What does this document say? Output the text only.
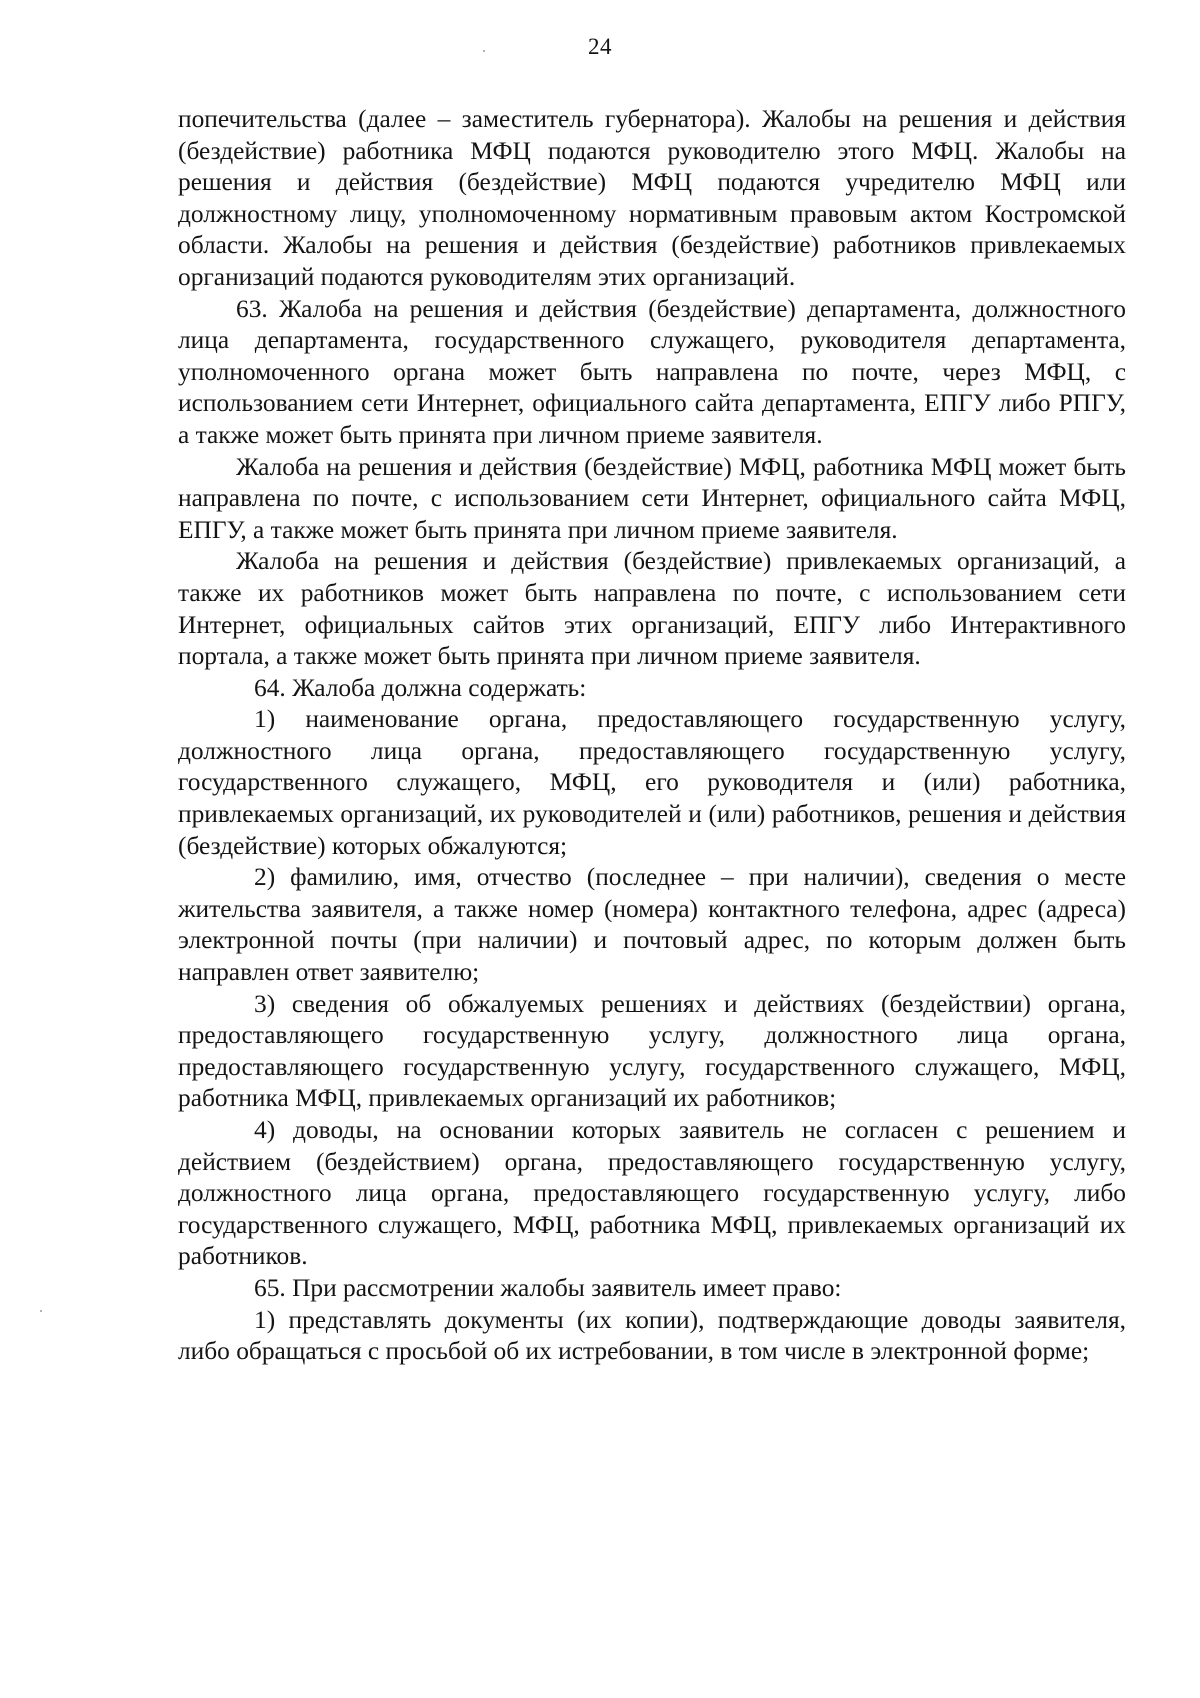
24

попечительства (далее – заместитель губернатора). Жалобы на решения и действия (бездействие) работника МФЦ подаются руководителю этого МФЦ. Жалобы на решения и действия (бездействие) МФЦ подаются учредителю МФЦ или должностному лицу, уполномоченному нормативным правовым актом Костромской области. Жалобы на решения и действия (бездействие) работников привлекаемых организаций подаются руководителям этих организаций.

63. Жалоба на решения и действия (бездействие) департамента, должностного лица департамента, государственного служащего, руководителя департамента, уполномоченного органа может быть направлена по почте, через МФЦ, с использованием сети Интернет, официального сайта департамента, ЕПГУ либо РПГУ, а также может быть принята при личном приеме заявителя.

Жалоба на решения и действия (бездействие) МФЦ, работника МФЦ может быть направлена по почте, с использованием сети Интернет, официального сайта МФЦ, ЕПГУ, а также может быть принята при личном приеме заявителя.

Жалоба на решения и действия (бездействие) привлекаемых организаций, а также их работников может быть направлена по почте, с использованием сети Интернет, официальных сайтов этих организаций, ЕПГУ либо Интерактивного портала, а также может быть принята при личном приеме заявителя.

64. Жалоба должна содержать:

1) наименование органа, предоставляющего государственную услугу, должностного лица органа, предоставляющего государственную услугу, государственного служащего, МФЦ, его руководителя и (или) работника, привлекаемых организаций, их руководителей и (или) работников, решения и действия (бездействие) которых обжалуются;

2) фамилию, имя, отчество (последнее – при наличии), сведения о месте жительства заявителя, а также номер (номера) контактного телефона, адрес (адреса) электронной почты (при наличии) и почтовый адрес, по которым должен быть направлен ответ заявителю;

3) сведения об обжалуемых решениях и действиях (бездействии) органа, предоставляющего государственную услугу, должностного лица органа, предоставляющего государственную услугу, государственного служащего, МФЦ, работника МФЦ, привлекаемых организаций их работников;

4) доводы, на основании которых заявитель не согласен с решением и действием (бездействием) органа, предоставляющего государственную услугу, должностного лица органа, предоставляющего государственную услугу, либо государственного служащего, МФЦ, работника МФЦ, привлекаемых организаций их работников.

65. При рассмотрении жалобы заявитель имеет право:

1) представлять документы (их копии), подтверждающие доводы заявителя, либо обращаться с просьбой об их истребовании, в том числе в электронной форме;
